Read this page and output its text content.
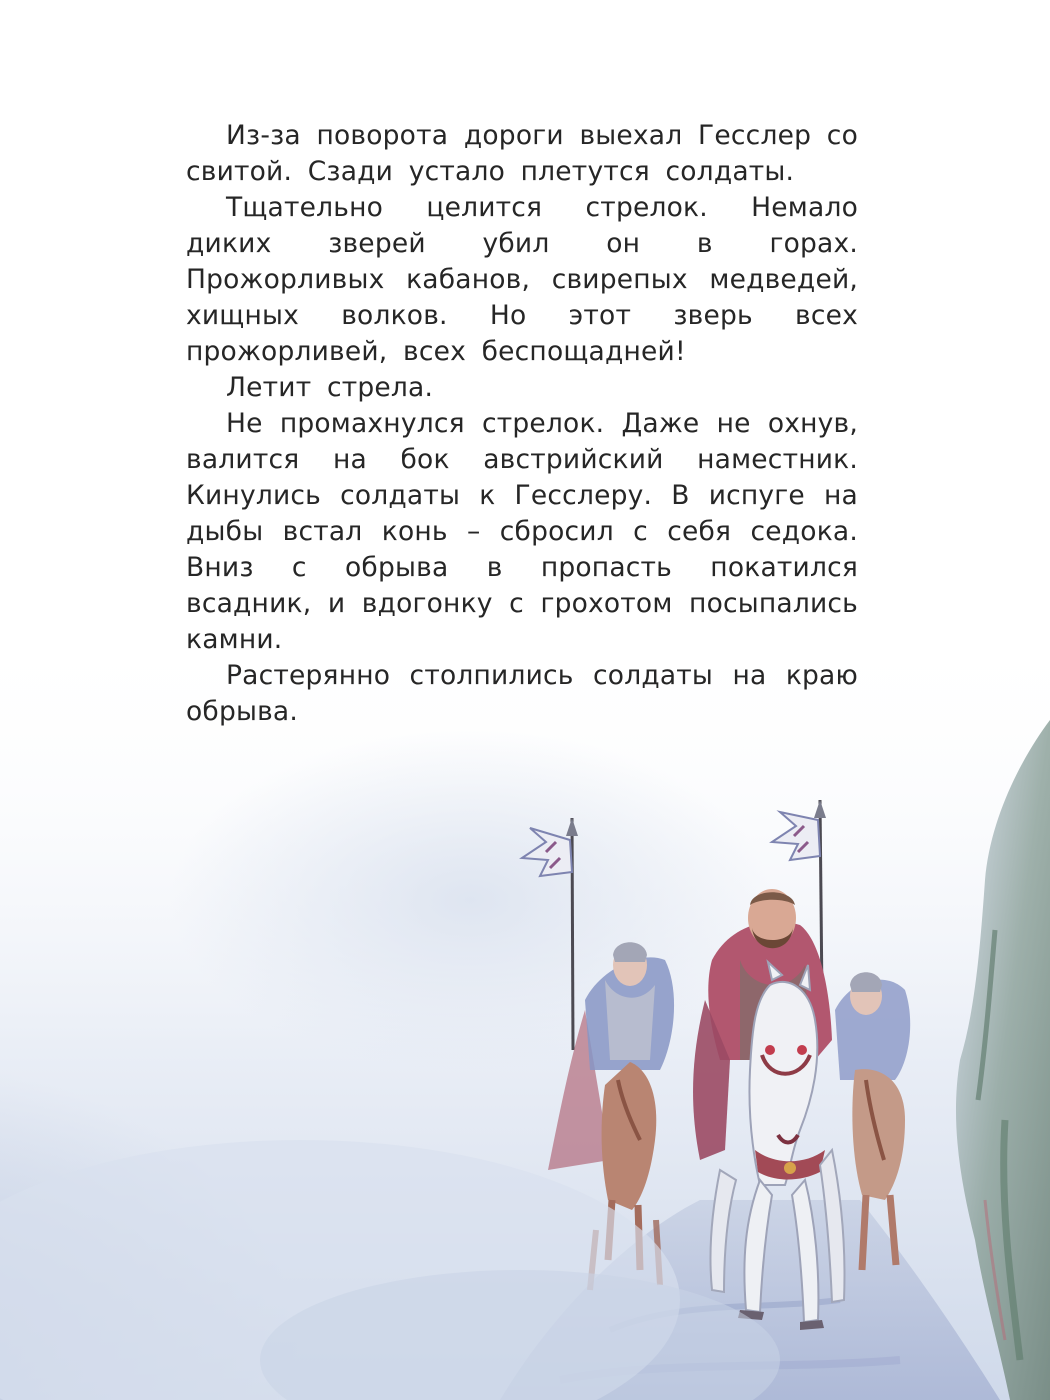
Из-за поворота дороги выехал Гесслер со свитой. Сзади устало плетутся солдаты.

Тщательно целится стрелок. Немало диких зверей убил он в горах. Прожорливых кабанов, свирепых медведей, хищных волков. Но этот зверь всех прожорливей, всех беспощадней!

Летит стрела.

Не промахнулся стрелок. Даже не охнув, валится на бок австрийский наместник. Кинулись солдаты к Гесслеру. В испуге на дыбы встал конь – сбросил с себя седока. Вниз с обрыва в пропасть покатился всадник, и вдогонку с грохотом посыпались камни.

Растерянно столпились солдаты на краю обрыва.
